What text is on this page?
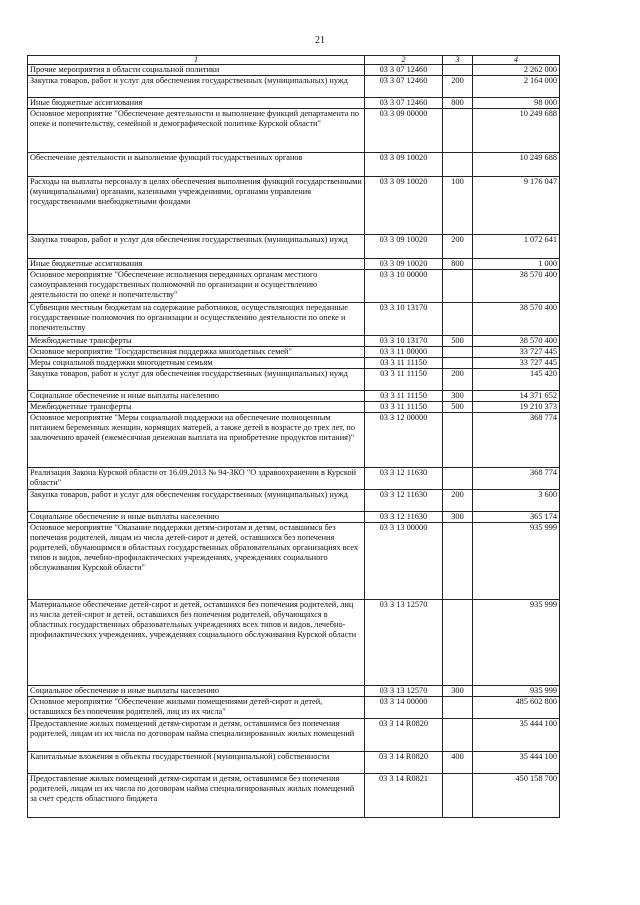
21
1	2	3	4
Прочие мероприятия в области социальной политики	03 3 07 12460		2 262 000
Закупка товаров, работ и услуг для обеспечения государственных (муниципальных) нужд	03 3 07 12460	200	2 164 000
Иные бюджетные ассигнования	03 3 07 12460	800	98 000
Основное мероприятие "Обеспечение деятельности и выполнение функций департамента по опеке и попечительству, семейной и демографической политике Курской области"	03 3 09 00000		10 249 688
Обеспечение деятельности и выполнение функций государственных органов	03 3 09 10020		10 249 688
Расходы на выплаты персоналу в целях обеспечения выполнения функций государственными (муниципальными) органами, казенными учреждениями, органами управления государственными внебюджетными фондами	03 3 09 10020	100	9 176 047
Закупка товаров, работ и услуг для обеспечения государственных (муниципальных) нужд	03 3 09 10020	200	1 072 641
Иные бюджетные ассигнования	03 3 09 10020	800	1 000
Основное мероприятие "Обеспечение исполнения переданных органам местного самоуправления государственных полномочий по организации и осуществлению деятельности по опеке и попечительству"	03 3 10 00000		38 570 400
Субвенции местным бюджетам на содержание работников, осуществляющих переданные государственные полномочия по организации и осуществлению деятельности по опеке и попечительству	03 3 10 13170		38 570 400
Межбюджетные трансферты	03 3 10 13170	500	38 570 400
Основное мероприятие "Государственная поддержка многодетных семей"	03 3 11 00000		33 727 445
Меры социальной поддержки многодетным семьям	03 3 11 11150		33 727 445
Закупка товаров, работ и услуг для обеспечения государственных (муниципальных) нужд	03 3 11 11150	200	145 420
Социальное обеспечение и иные выплаты населению	03 3 11 11150	300	14 371 652
Межбюджетные трансферты	03 3 11 11150	500	19 210 373
Основное мероприятие "Меры социальной поддержки на обеспечение полноценным питанием беременных женщин, кормящих матерей, а также детей в возрасте до трех лет, по заключению врачей (ежемесячная денежная выплата на приобретение продуктов питания)"	03 3 12 00000		368 774
Реализация Закона Курской области от 16.09.2013 № 94-ЗКО "О здравоохранении в Курской области"	03 3 12 11630		368 774
Закупка товаров, работ и услуг для обеспечения государственных (муниципальных) нужд	03 3 12 11630	200	3 600
Социальное обеспечение и иные выплаты населению	03 3 12 11630	300	365 174
Основное мероприятие "Оказание поддержки детям-сиротам и детям, оставшимся без попечения родителей, лицам из числа детей-сирот и детей, оставшихся без попечения родителей, обучающимся в областных государственных образовательных организациях всех типов и видов, лечебно-профилактических учреждениях, учреждениях социального обслуживания Курской области"	03 3 13 00000		935 999
Материальное обеспечение детей-сирот и детей, оставшихся без попечения родителей, лиц из числа детей-сирот и детей, оставшихся без попечения родителей, обучающихся в областных государственных образовательных учреждениях всех типов и видов, лечебно-профилактических учреждениях, учреждениях социального обслуживания Курской области	03 3 13 12570		935 999
Социальное обеспечение и иные выплаты населению	03 3 13 12570	300	935 999
Основное мероприятие "Обеспечение жилыми помещениями детей-сирот и детей, оставшихся без попечения родителей, лиц из их числа"	03 3 14 00000		485 602 800
Предоставление жилых помещений детям-сиротам и детям, оставшимся без попечения родителей, лицам из их числа по договорам найма специализированных жилых помещений	03 3 14 R0820		35 444 100
Капитальные вложения в объекты государственной (муниципальной) собственности	03 3 14 R0820	400	35 444 100
Предоставление жилых помещений детям-сиротам и детям, оставшимся без попечения родителей, лицам из их числа по договорам найма специализированных жилых помещений за счет средств областного бюджета	03 3 14 R0821		450 158 700
